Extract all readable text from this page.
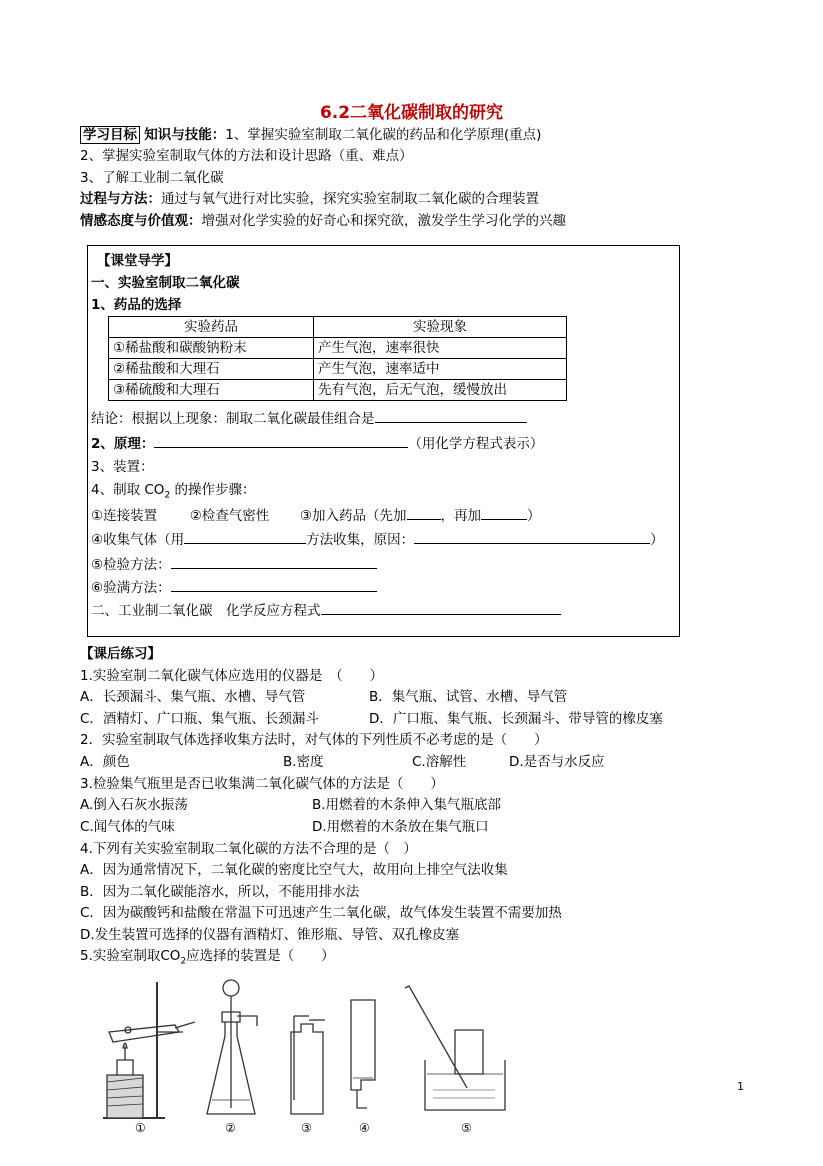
6.2二氧化碳制取的研究
学习目标 知识与技能：1、掌握实验室制取二氧化碳的药品和化学原理(重点)
2、掌握实验室制取气体的方法和设计思路（重、难点）
3、了解工业制二氧化碳
过程与方法：通过与氧气进行对比实验，探究实验室制取二氧化碳的合理装置
情感态度与价值观：增强对化学实验的好奇心和探究欲，激发学生学习化学的兴趣
【课堂导学】
一、实验室制取二氧化碳
1、药品的选择
实验药品	实验现象
①稀盐酸和碳酸钠粉末	产生气泡，速率很快
②稀盐酸和大理石	产生气泡，速率适中
③稀硫酸和大理石	先有气泡，后无气泡，缓慢放出
结论：根据以上现象：制取二氧化碳最佳组合是
2、原理：	（用化学方程式表示）
3、装置：
4、制取 $CO_2$ 的操作步骤：
①连接装置 ②检查气密性 ③加入药品（先加	，再加	）
④收集气体（用	方法收集，原因：	）
⑤检验方法：
⑥验满方法：
二、工业制二氧化碳　化学反应方程式
【课后练习】
1.实验室制二氧化碳气体应选用的仪器是　（　　）
A．长颈漏斗、集气瓶、水槽、导气管	B．集气瓶、试管、水槽、导气管
C．酒精灯、广口瓶、集气瓶、长颈漏斗	D．广口瓶、集气瓶、长颈漏斗、带导管的橡皮塞
2．实验室制取气体选择收集方法时，对气体的下列性质不必考虑的是（　　）
A．颜色	B.密度	C.溶解性	D.是否与水反应
3.检验集气瓶里是否已收集满二氧化碳气体的方法是（　　）
A.倒入石灰水振荡	B.用燃着的木条伸入集气瓶底部
C.闻气体的气味	D.用燃着的木条放在集气瓶口
4.下列有关实验室制取二氧化碳的方法不合理的是（　）
A．因为通常情况下，二氧化碳的密度比空气大，故用向上排空气法收集
B．因为二氧化碳能溶水，所以，不能用排水法
C．因为碳酸钙和盐酸在常温下可迅速产生二氧化碳，故气体发生装置不需要加热
D.发生装置可选择的仪器有酒精灯、锥形瓶、导管、双孔橡皮塞
5.实验室制取$CO_2$应选择的装置是（　　）
①	②	③	④	⑤
1
